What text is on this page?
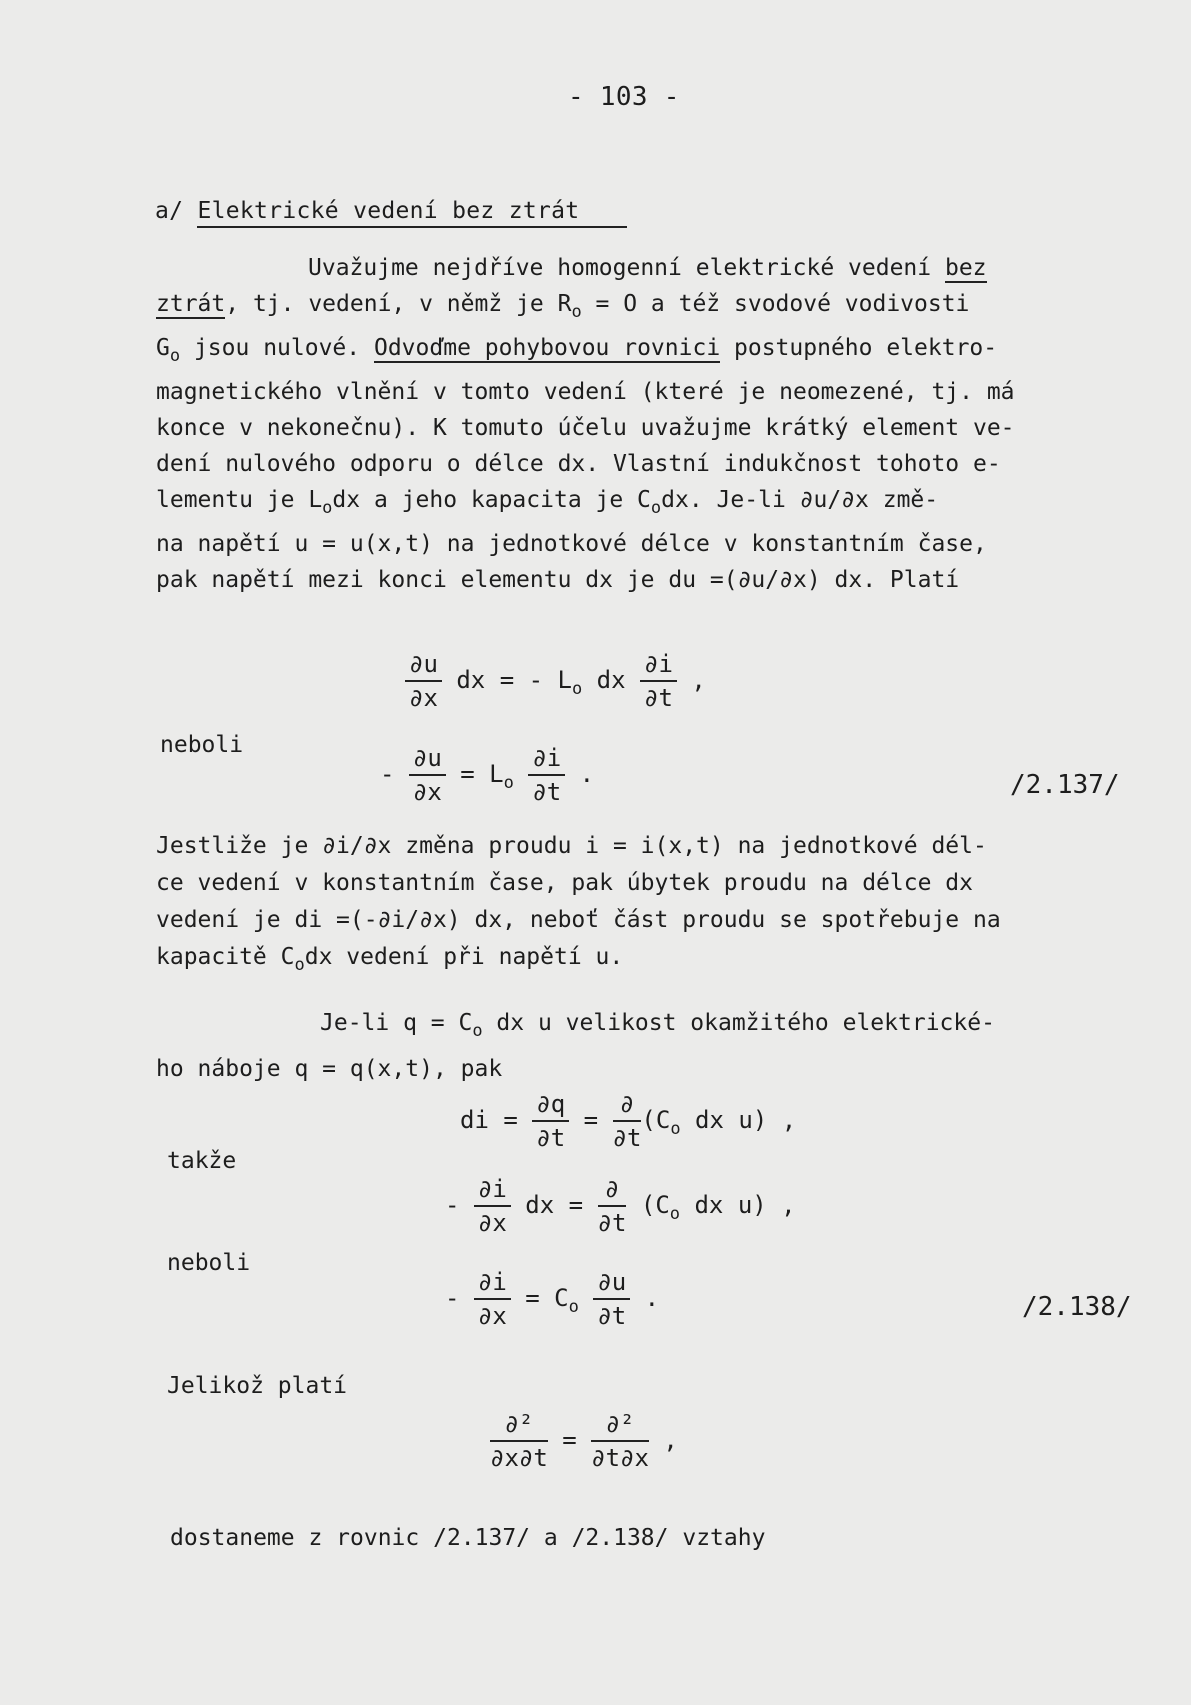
- 103 -
a/ Elektrické vedení bez ztrát
Uvažujme nejdříve homogenní elektrické vedení bez
ztrát, tj. vedení, v němž je $R_o = O$ a též svodové vodivosti
$G_o$ jsou nulové. Odvoďme pohybovou rovnici postupného elektro-
magnetického vlnění v tomto vedení (které je neomezené, tj. má
konce v nekonečnu). K tomuto účelu uvažujme krátký element ve-
dení nulového odporu o délce dx. Vlastní indukčnost tohoto e-
lementu je $L_odx$ a jeho kapacita je $C_odx$. Je-li ∂u/∂x změ-
na napětí u = u(x,t) na jednotkové délce v konstantním čase,
pak napětí mezi konci elementu dx je du =(∂u/∂x) dx. Platí
$\frac{\partial u}{\partial x}$ dx = - $L_o$ dx $\frac{\partial i}{\partial t}$ ,
neboli
- $\frac{\partial u}{\partial x} = L_o \frac{\partial i}{\partial t}$ .	/2.137/
Jestliže je ∂i/∂x změna proudu i = i(x,t) na jednotkové dél-
ce vedení v konstantním čase, pak úbytek proudu na délce dx
vedení je di =(-∂i/∂x) dx, neboť část proudu se spotřebuje na
kapacitě $C_odx$ vedení při napětí u.
Je-li $q = C_o$ dx u velikost okamžitého elektrické-
ho náboje q = q(x,t), pak
di = $\frac{\partial q}{\partial t} = \frac{\partial}{\partial t} (C_o$ dx u) ,
takže
- $\frac{\partial i}{\partial x}$ dx = $\frac{\partial}{\partial t} (C_o$ dx u) ,
neboli
- $\frac{\partial i}{\partial x} = C_o \frac{\partial u}{\partial t}$ .	/2.138/
Jelikož platí
$\frac{\text{∂²}}{\partial x\partial t} = \frac{\text{∂²}}{\partial t\partial x}$ ,
dostaneme z rovnic /2.137/ a /2.138/ vztahy
